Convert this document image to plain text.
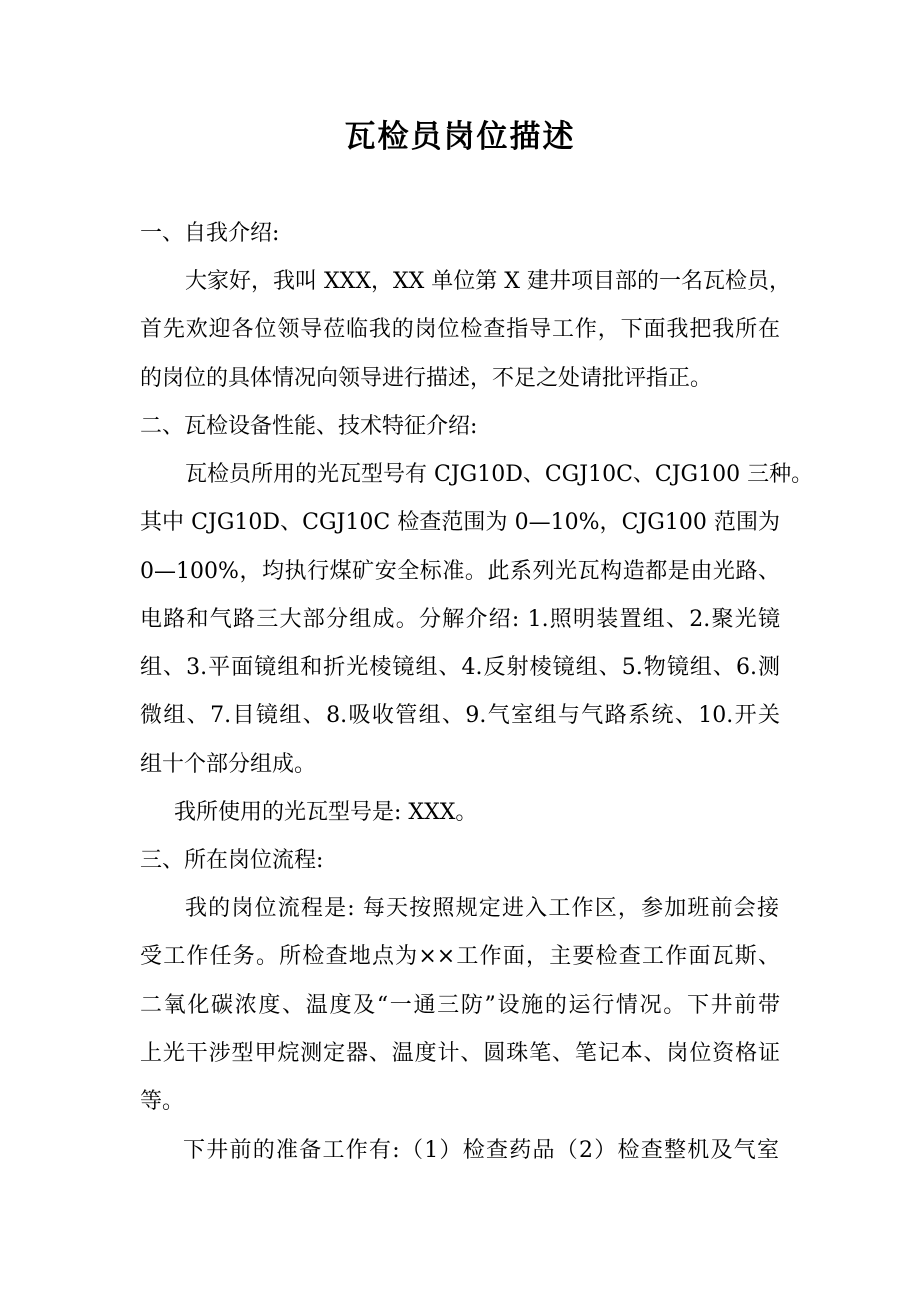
瓦检员岗位描述
一、自我介绍:
大家好，我叫 XXX，XX 单位第 X 建井项目部的一名瓦检员，
首先欢迎各位领导莅临我的岗位检查指导工作，下面我把我所在
的岗位的具体情况向领导进行描述，不足之处请批评指正。
二、瓦检设备性能、技术特征介绍:
瓦检员所用的光瓦型号有 CJG10D、CGJ10C、CJG100 三种。
其中 CJG10D、CGJ10C 检查范围为 0—10%，CJG100 范围为
0—100%，均执行煤矿安全标准。此系列光瓦构造都是由光路、
电路和气路三大部分组成。分解介绍: 1.照明装置组、2.聚光镜
组、3.平面镜组和折光棱镜组、4.反射棱镜组、5.物镜组、6.测
微组、7.目镜组、8.吸收管组、9.气室组与气路系统、10.开关
组十个部分组成。
我所使用的光瓦型号是: XXX。
三、所在岗位流程:
我的岗位流程是: 每天按照规定进入工作区，参加班前会接
受工作任务。所检查地点为××工作面，主要检查工作面瓦斯、
二氧化碳浓度、温度及“一通三防”设施的运行情况。下井前带
上光干涉型甲烷测定器、温度计、圆珠笔、笔记本、岗位资格证
等。
下井前的准备工作有:（1）检查药品（2）检查整机及气室
